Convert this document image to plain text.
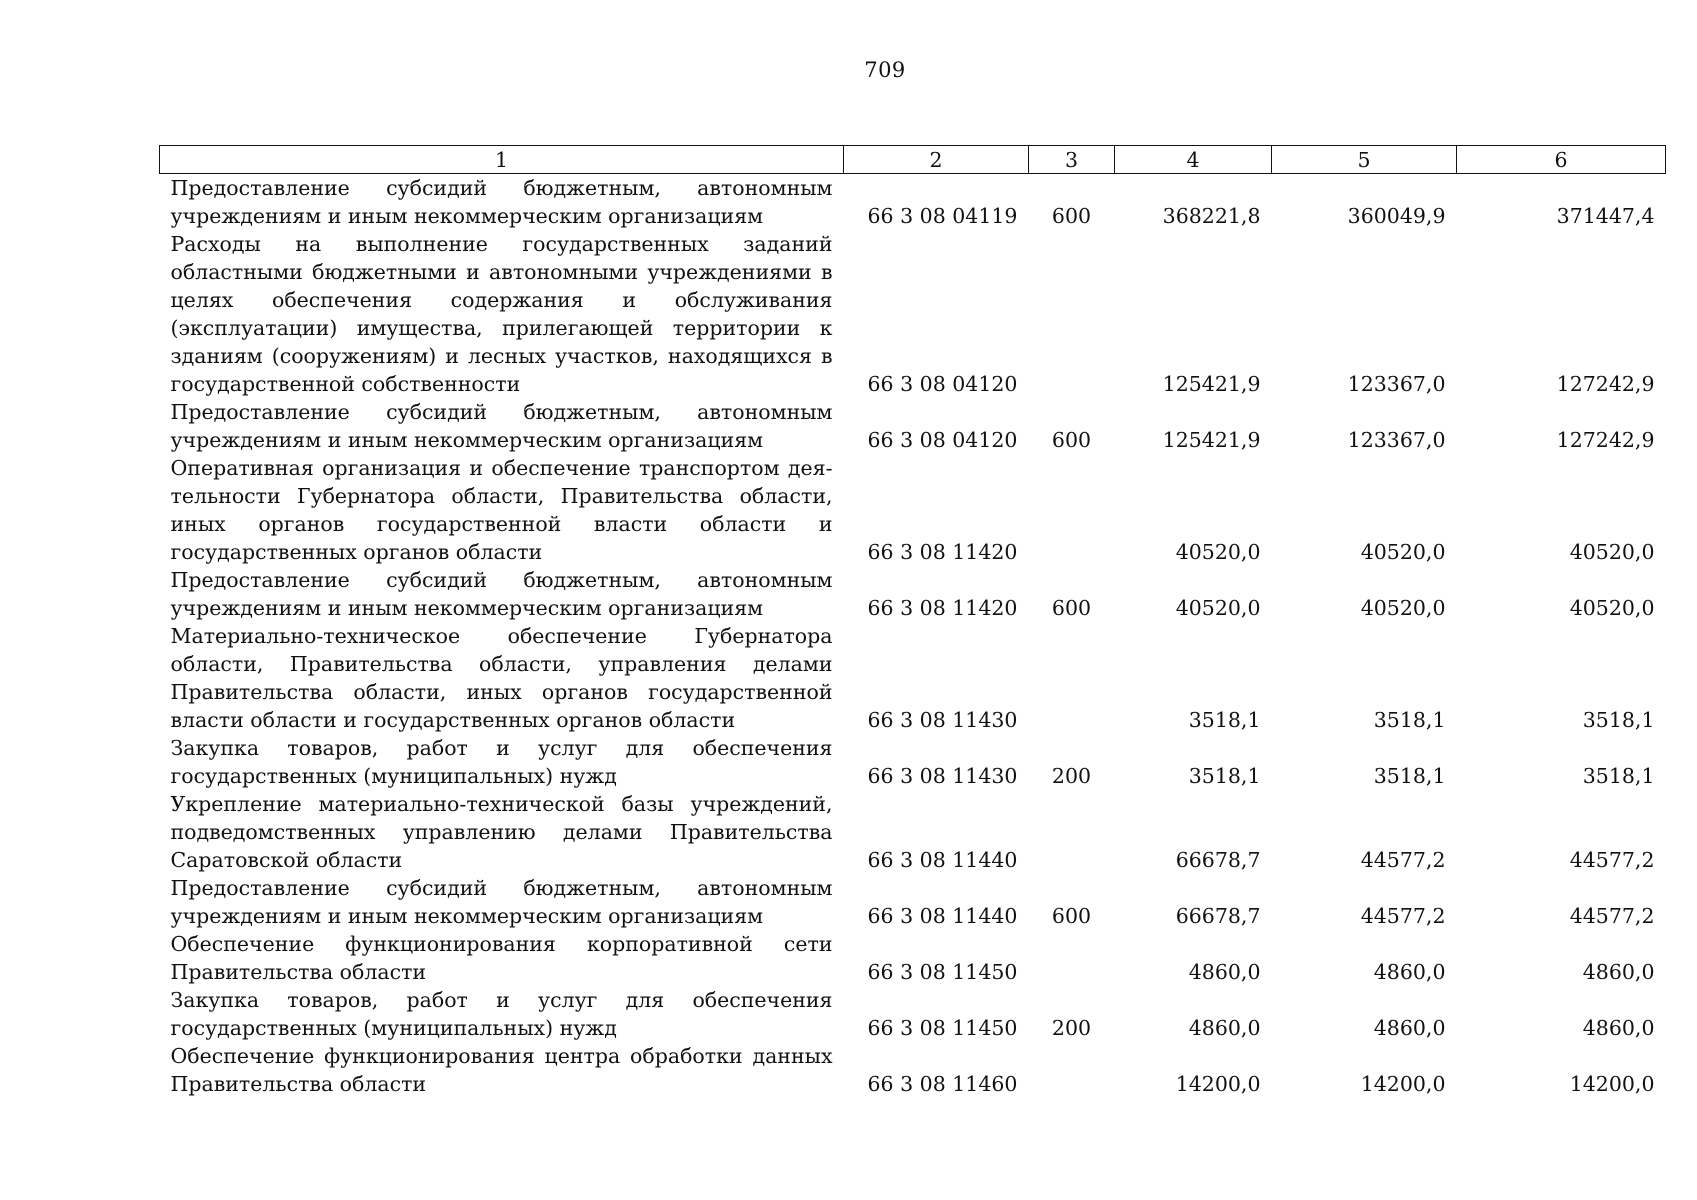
709
1	2	3	4	5	6
Предоставление субсидий бюджетным, автономным учреждениям и иным некоммерческим организациям	66 3 08 04119	600	368221,8	360049,9	371447,4
Расходы на выполнение государственных заданий областными бюджетными и автономными учреждениями в целях обеспечения содержания и обслуживания (эксплуатации) имущества, прилегающей территории к зданиям (сооружениям) и лесных участков, находящихся в государственной собственности	66 3 08 04120		125421,9	123367,0	127242,9
Предоставление субсидий бюджетным, автономным учреждениям и иным некоммерческим организациям	66 3 08 04120	600	125421,9	123367,0	127242,9
Оперативная организация и обеспечение транспортом деятельности Губернатора области, Правительства области, иных органов государственной власти области и государственных органов области	66 3 08 11420		40520,0	40520,0	40520,0
Предоставление субсидий бюджетным, автономным учреждениям и иным некоммерческим организациям	66 3 08 11420	600	40520,0	40520,0	40520,0
Материально-техническое обеспечение Губернатора области, Правительства области, управления делами Правительства области, иных органов государственной власти области и государственных органов области	66 3 08 11430		3518,1	3518,1	3518,1
Закупка товаров, работ и услуг для обеспечения государственных (муниципальных) нужд	66 3 08 11430	200	3518,1	3518,1	3518,1
Укрепление материально-технической базы учреждений, подведомственных управлению делами Правительства Саратовской области	66 3 08 11440		66678,7	44577,2	44577,2
Предоставление субсидий бюджетным, автономным учреждениям и иным некоммерческим организациям	66 3 08 11440	600	66678,7	44577,2	44577,2
Обеспечение функционирования корпоративной сети Правительства области	66 3 08 11450		4860,0	4860,0	4860,0
Закупка товаров, работ и услуг для обеспечения государственных (муниципальных) нужд	66 3 08 11450	200	4860,0	4860,0	4860,0
Обеспечение функционирования центра обработки данных Правительства области	66 3 08 11460		14200,0	14200,0	14200,0
